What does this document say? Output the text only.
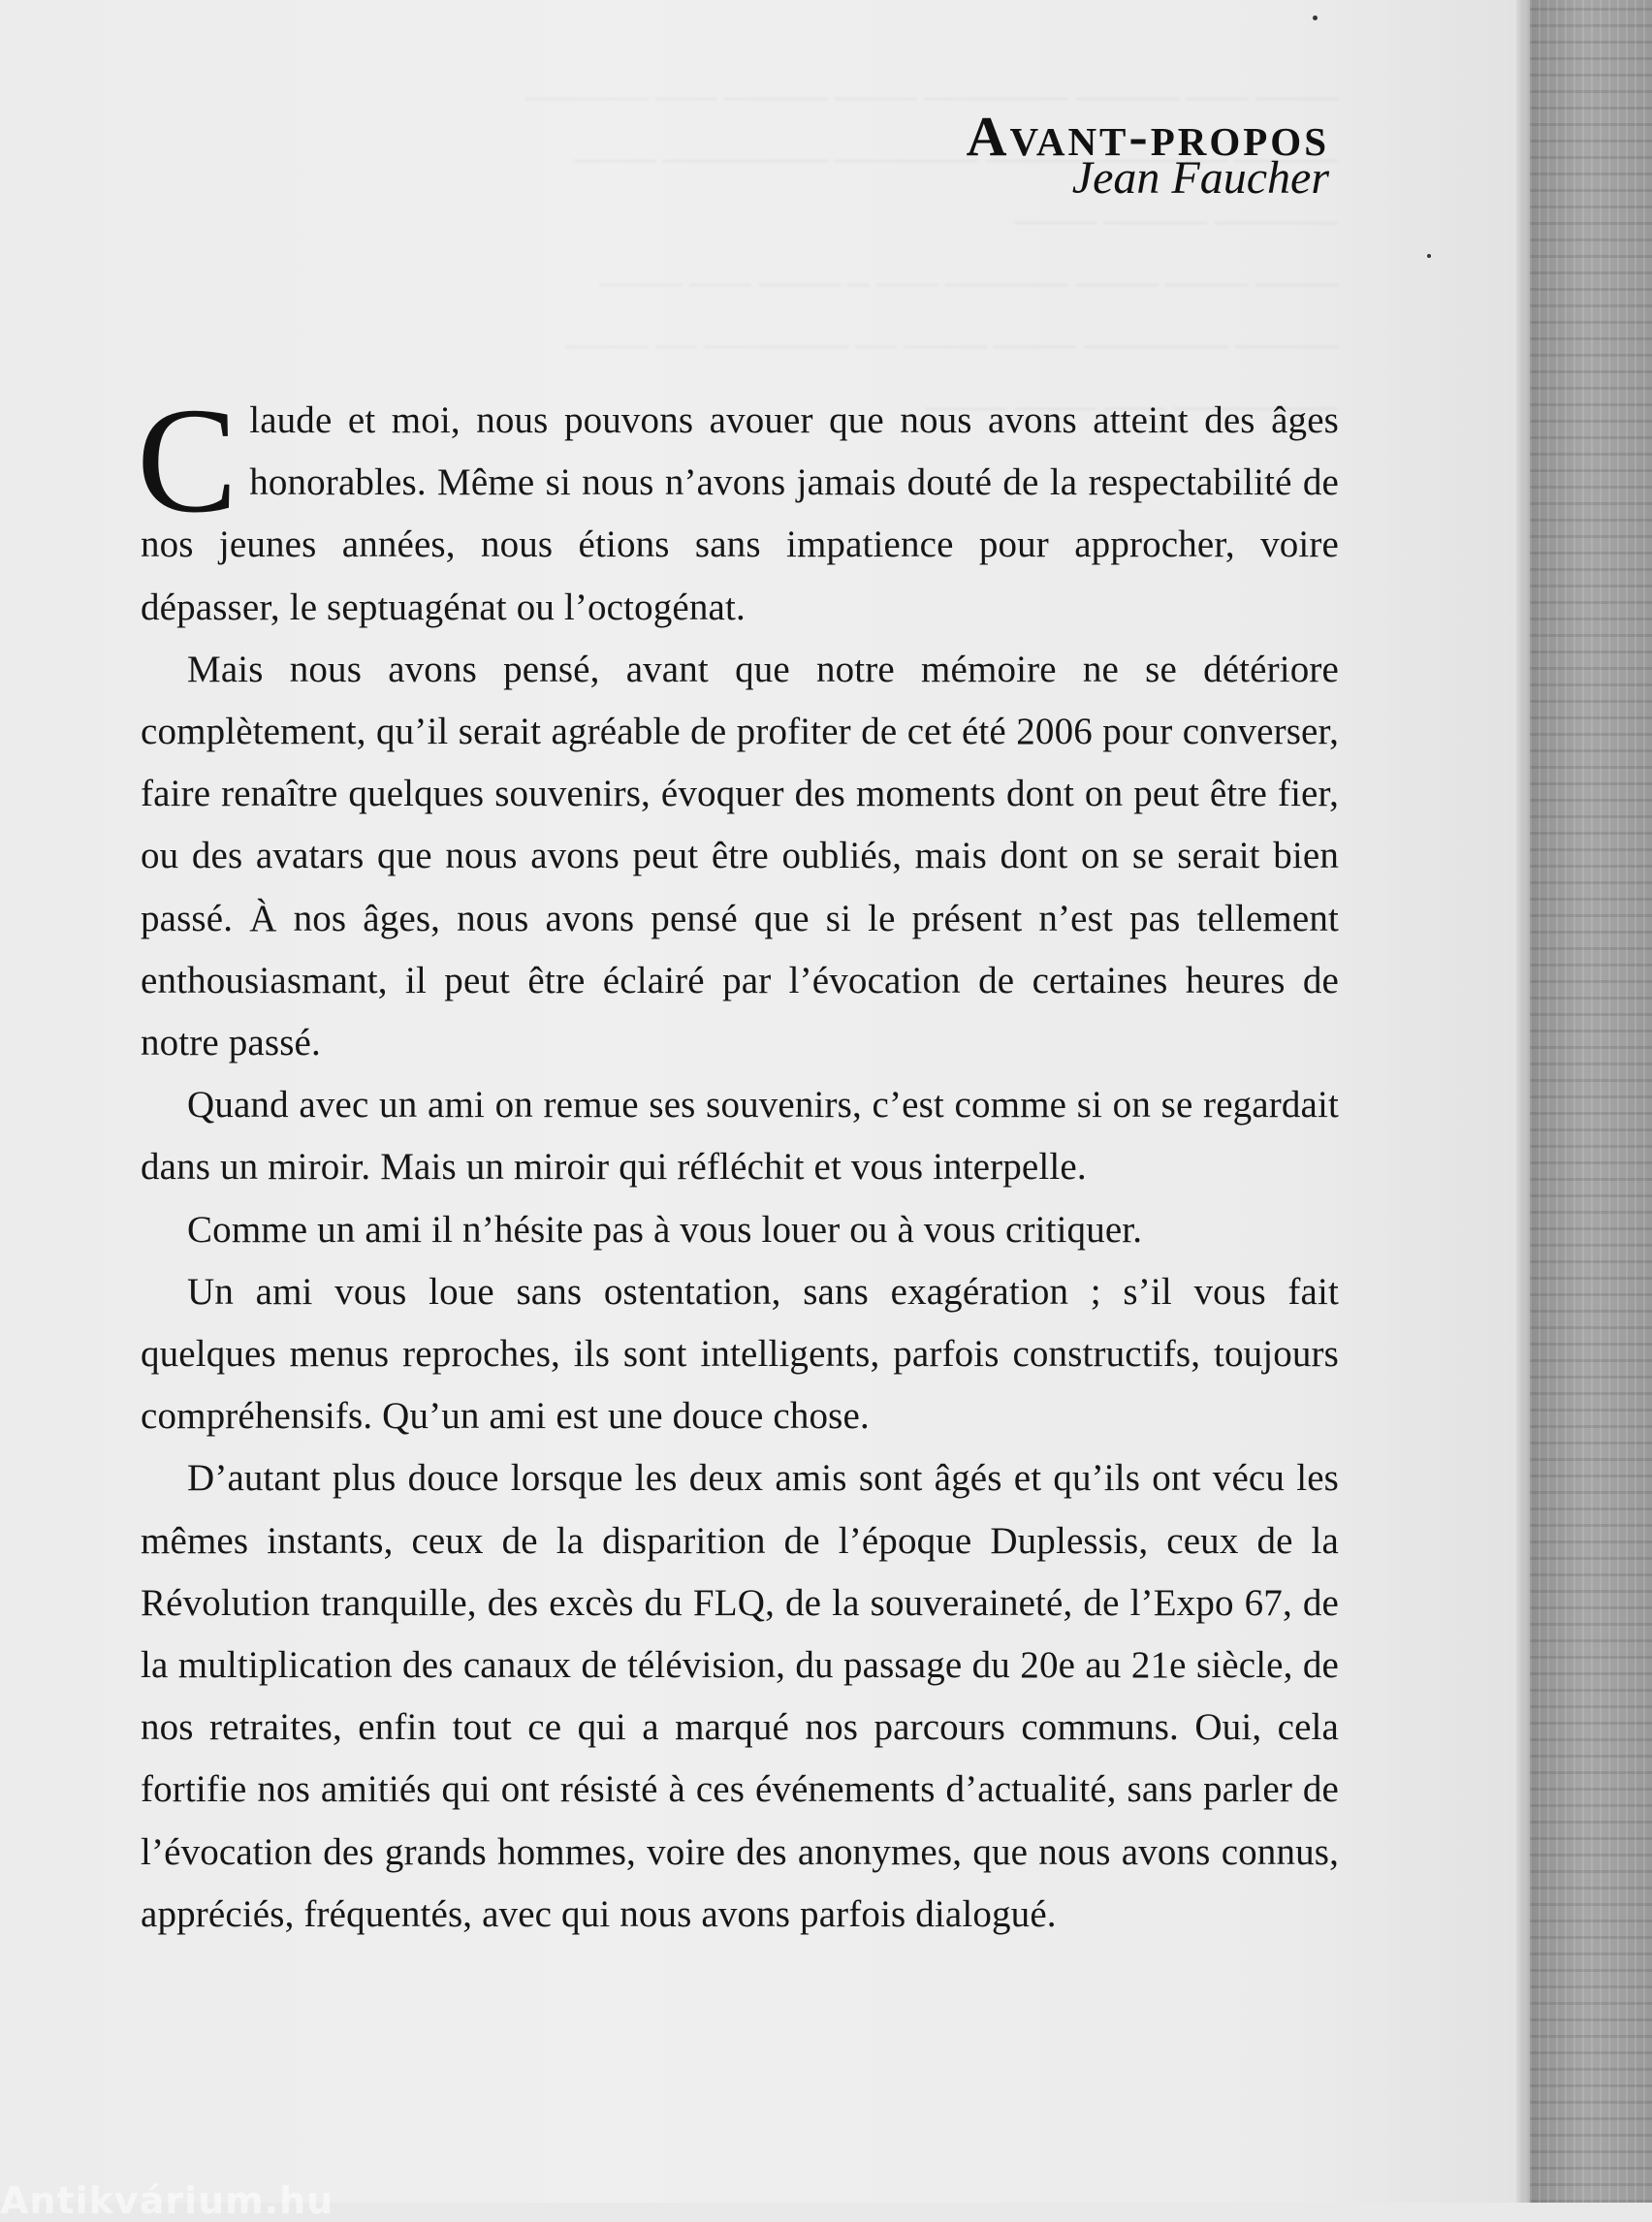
Avant-propos
Jean Faucher

Claude et moi, nous pouvons avouer que nous avons atteint des âges honorables. Même si nous n’avons jamais douté de la respectabilité de nos jeunes années, nous étions sans impatience pour approcher, voire dépasser, le septuagénat ou l’octogénat.

Mais nous avons pensé, avant que notre mémoire ne se détériore complètement, qu’il serait agréable de profiter de cet été 2006 pour converser, faire renaître quelques souvenirs, évoquer des moments dont on peut être fier, ou des avatars que nous avons peut être oubliés, mais dont on se serait bien passé. À nos âges, nous avons pensé que si le présent n’est pas tellement enthousiasmant, il peut être éclairé par l’évocation de certaines heures de notre passé.

Quand avec un ami on remue ses souvenirs, c’est comme si on se regardait dans un miroir. Mais un miroir qui réfléchit et vous interpelle.

Comme un ami il n’hésite pas à vous louer ou à vous critiquer.

Un ami vous loue sans ostentation, sans exagération ; s’il vous fait quelques menus reproches, ils sont intelligents, parfois constructifs, toujours compréhensifs. Qu’un ami est une douce chose.

D’autant plus douce lorsque les deux amis sont âgés et qu’ils ont vécu les mêmes instants, ceux de la disparition de l’époque Duplessis, ceux de la Révolution tranquille, des excès du FLQ, de la souveraineté, de l’Expo 67, de la multiplication des canaux de télévision, du passage du 20e au 21e siècle, de nos retraites, enfin tout ce qui a marqué nos parcours communs. Oui, cela fortifie nos amitiés qui ont résisté à ces événements d’actualité, sans parler de l’évocation des grands hommes, voire des anonymes, que nous avons connus, appréciés, fréquentés, avec qui nous avons parfois dialogué.

Antikvárium.hu
